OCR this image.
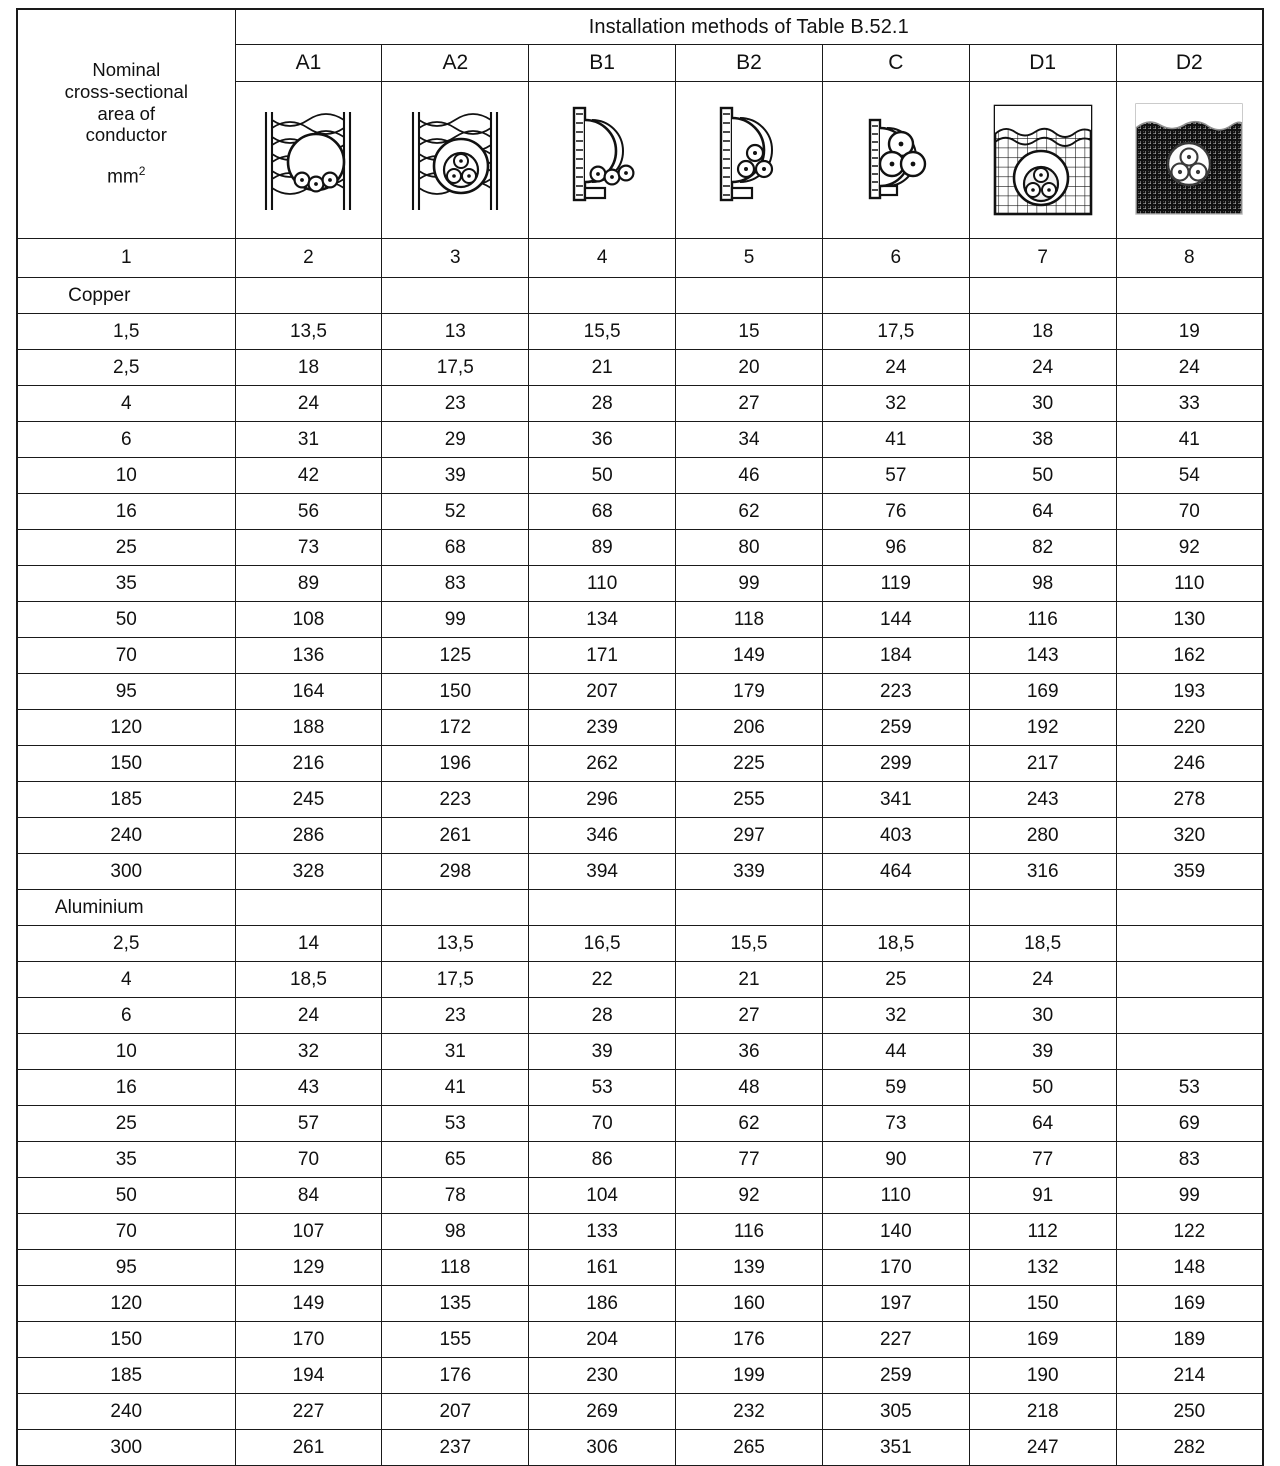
Nominal
cross-sectional
area of
conductor
$mm^2$	Installation methods of Table B.52.1						
	A1	A2	B1	B2	C	D1	D2

1	2	3	4	5	6	7	8
Copper							
1,5	13,5	13	15,5	15	17,5	18	19
2,5	18	17,5	21	20	24	24	24
4	24	23	28	27	32	30	33
6	31	29	36	34	41	38	41
10	42	39	50	46	57	50	54
16	56	52	68	62	76	64	70
25	73	68	89	80	96	82	92
35	89	83	110	99	119	98	110
50	108	99	134	118	144	116	130
70	136	125	171	149	184	143	162
95	164	150	207	179	223	169	193
120	188	172	239	206	259	192	220
150	216	196	262	225	299	217	246
185	245	223	296	255	341	243	278
240	286	261	346	297	403	280	320
300	328	298	394	339	464	316	359
Aluminium							
2,5	14	13,5	16,5	15,5	18,5	18,5	
4	18,5	17,5	22	21	25	24	
6	24	23	28	27	32	30	
10	32	31	39	36	44	39	
16	43	41	53	48	59	50	53
25	57	53	70	62	73	64	69
35	70	65	86	77	90	77	83
50	84	78	104	92	110	91	99
70	107	98	133	116	140	112	122
95	129	118	161	139	170	132	148
120	149	135	186	160	197	150	169
150	170	155	204	176	227	169	189
185	194	176	230	199	259	190	214
240	227	207	269	232	305	218	250
300	261	237	306	265	351	247	282
